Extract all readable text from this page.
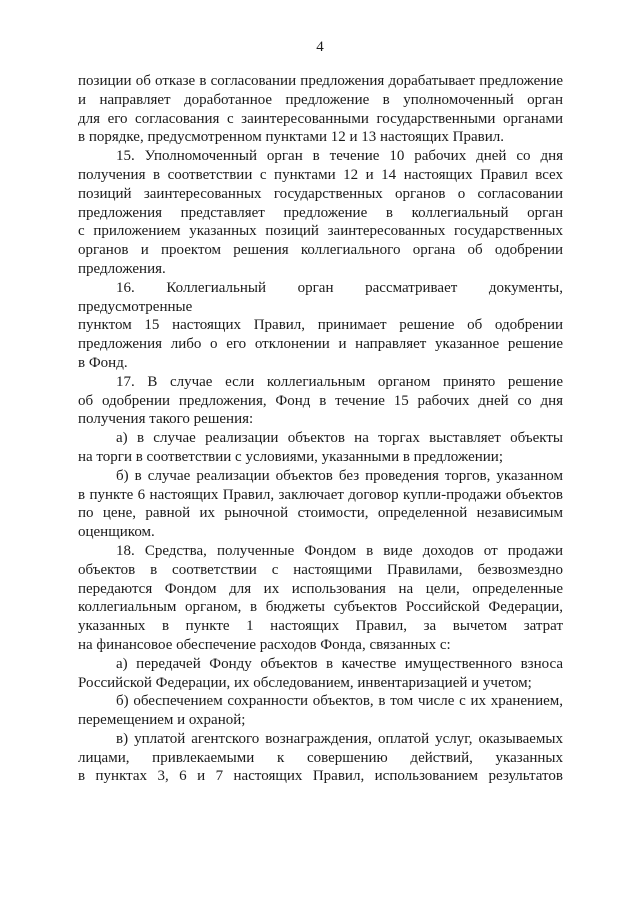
4

позиции об отказе в согласовании предложения дорабатывает предложение

и направляет доработанное предложение в уполномоченный орган

для его согласования с заинтересованными государственными органами

в порядке, предусмотренном пунктами 12 и 13 настоящих Правил.

15. Уполномоченный орган в течение 10 рабочих дней со дня

получения в соответствии с пунктами 12 и 14 настоящих Правил всех

позиций заинтересованных государственных органов о согласовании

предложения представляет предложение в коллегиальный орган

с приложением указанных позиций заинтересованных государственных

органов и проектом решения коллегиального органа об одобрении

предложения.

16. Коллегиальный орган рассматривает документы, предусмотренные

пунктом 15 настоящих Правил, принимает решение об одобрении

предложения либо о его отклонении и направляет указанное решение

в Фонд.

17. В случае если коллегиальным органом принято решение

об одобрении предложения, Фонд в течение 15 рабочих дней со дня

получения такого решения:

а) в случае реализации объектов на торгах выставляет объекты

на торги в соответствии с условиями, указанными в предложении;

б) в случае реализации объектов без проведения торгов, указанном

в пункте 6 настоящих Правил, заключает договор купли-продажи объектов

по цене, равной их рыночной стоимости, определенной независимым

оценщиком.

18. Средства, полученные Фондом в виде доходов от продажи

объектов в соответствии с настоящими Правилами, безвозмездно

передаются Фондом для их использования на цели, определенные

коллегиальным органом, в бюджеты субъектов Российской Федерации,

указанных в пункте 1 настоящих Правил, за вычетом затрат

на финансовое обеспечение расходов Фонда, связанных с:

а) передачей Фонду объектов в качестве имущественного взноса

Российской Федерации, их обследованием, инвентаризацией и учетом;

б) обеспечением сохранности объектов, в том числе с их хранением,

перемещением и охраной;

в) уплатой агентского вознаграждения, оплатой услуг, оказываемых

лицами, привлекаемыми к совершению действий, указанных

в пунктах 3, 6 и 7 настоящих Правил, использованием результатов
